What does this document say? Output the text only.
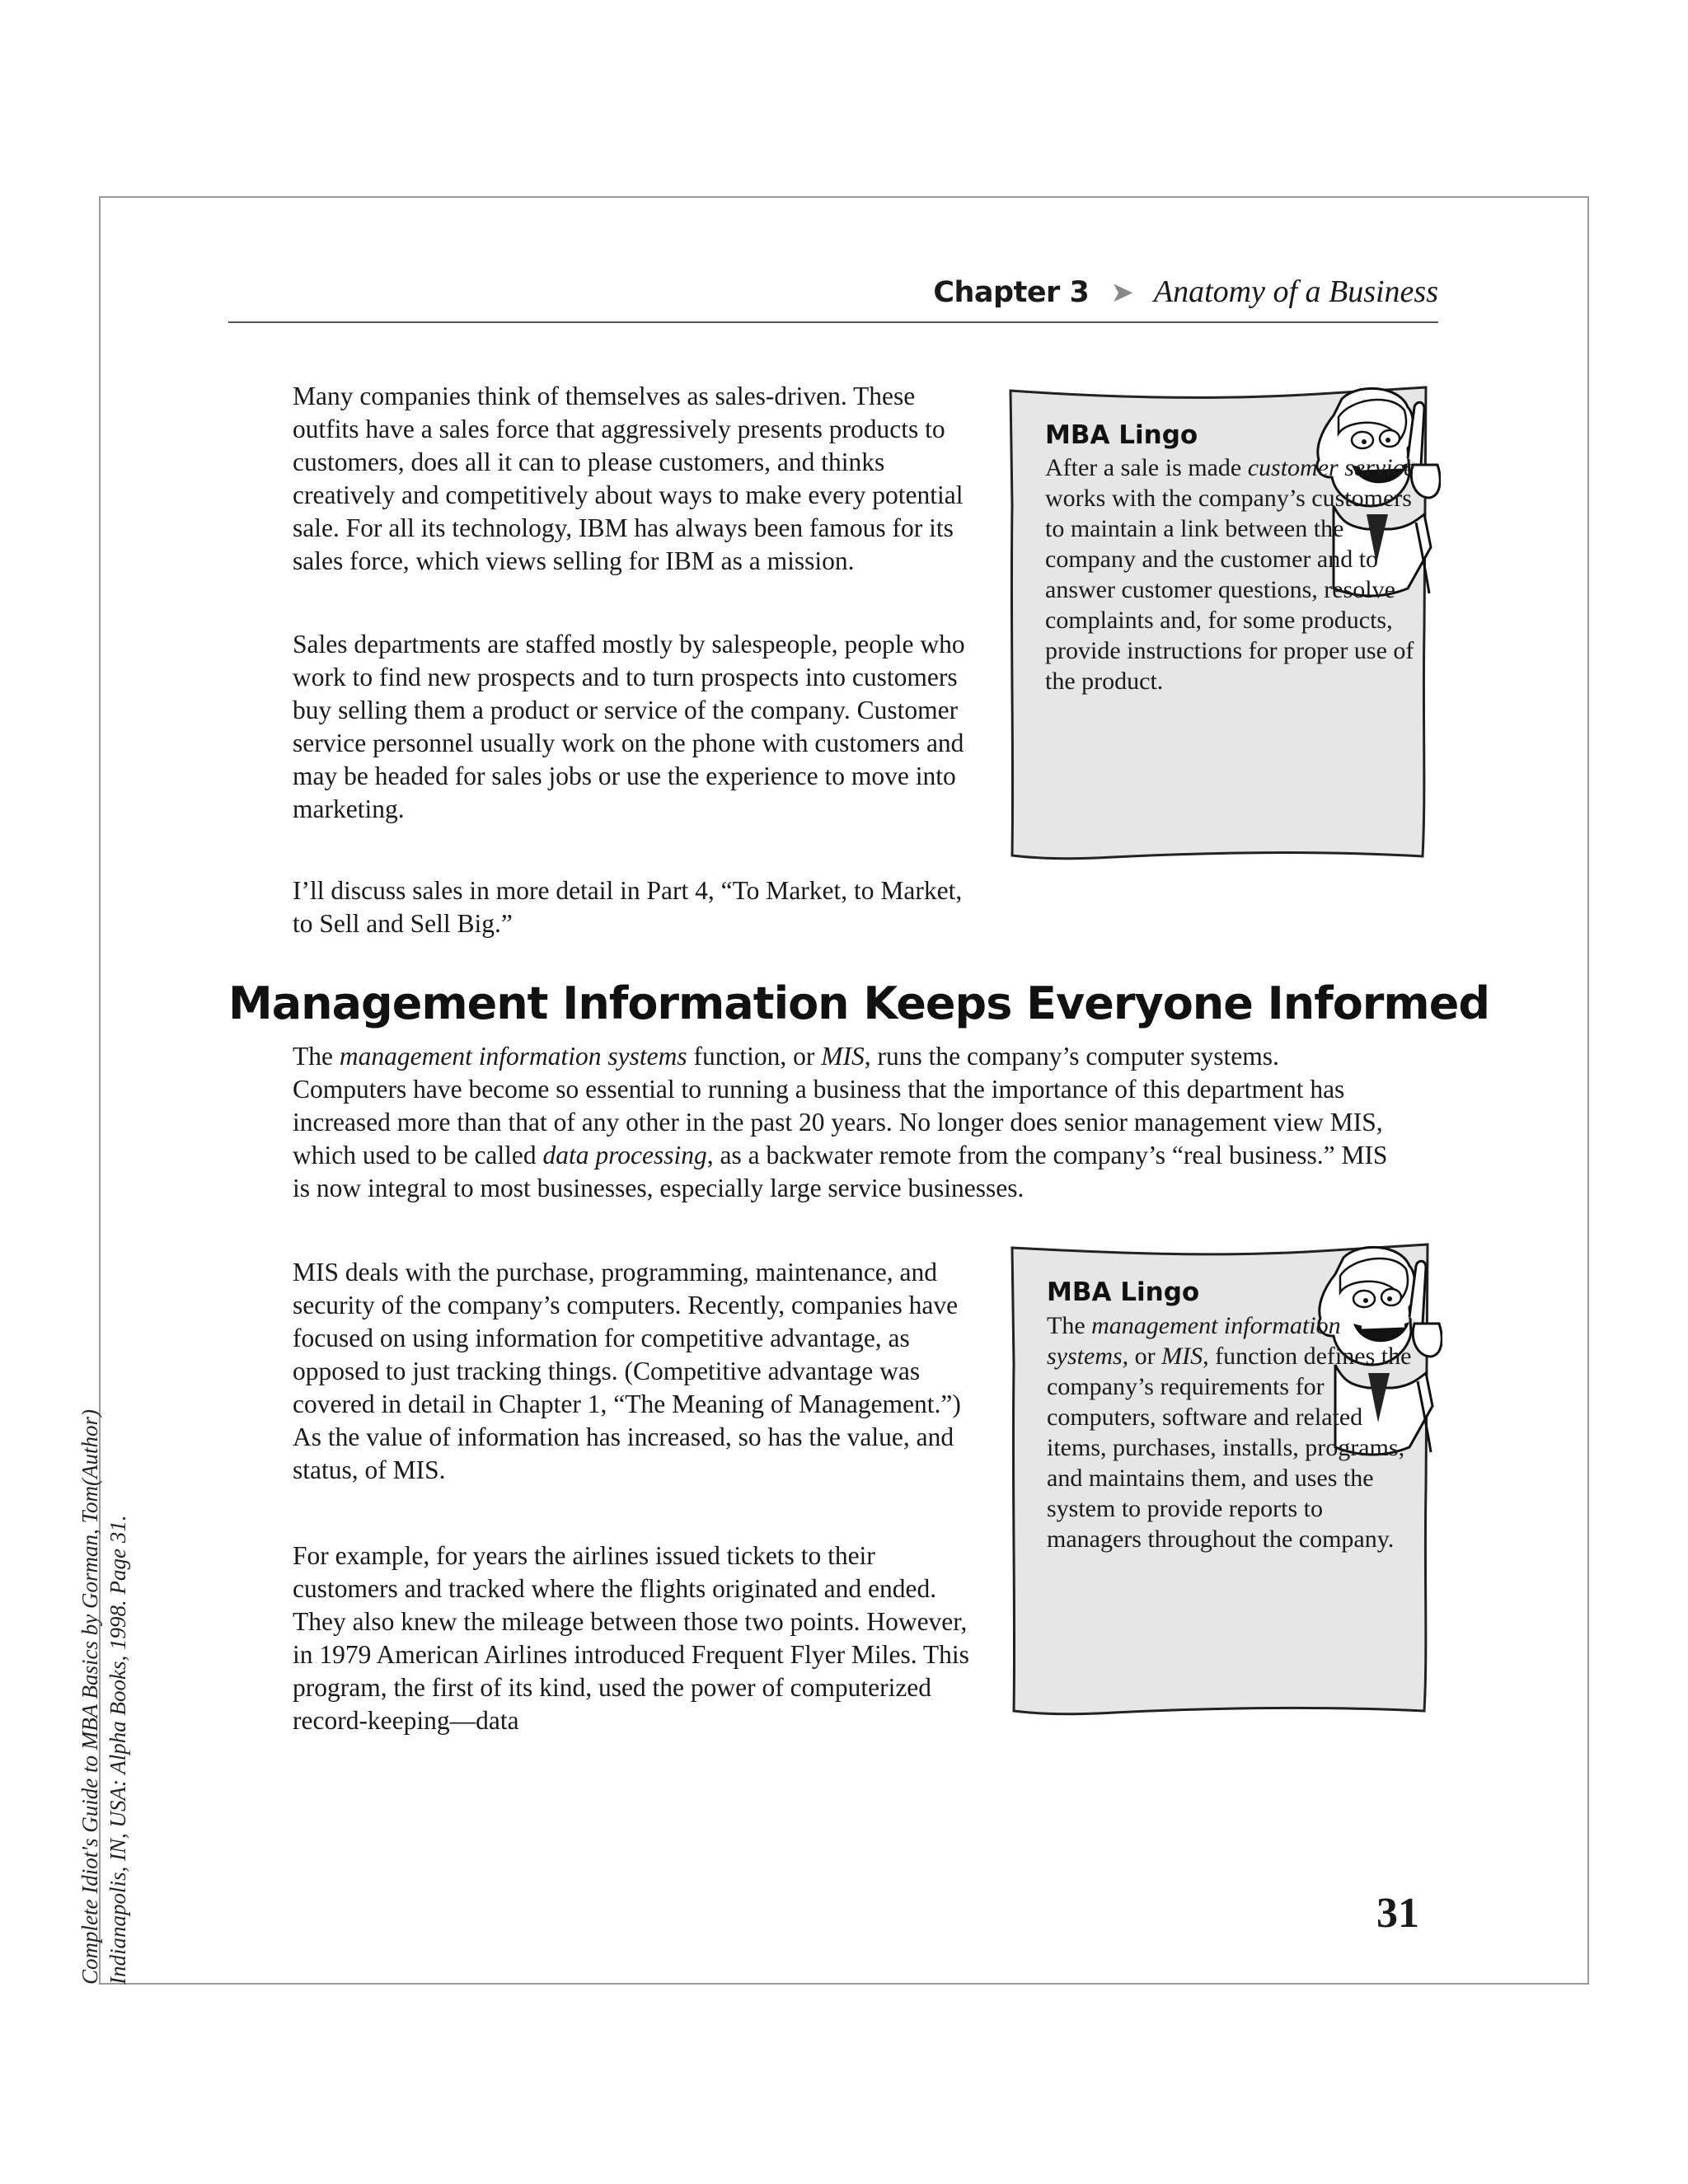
Chapter 3 ➤ Anatomy of a Business

Many companies think of themselves as sales-driven. These outfits have a sales force that aggressively presents products to customers, does all it can to please customers, and thinks creatively and competitively about ways to make every potential sale. For all its technology, IBM has always been famous for its sales force, which views selling for IBM as a mission.

Sales departments are staffed mostly by salespeople, people who work to find new prospects and to turn prospects into customers buy selling them a product or service of the company. Customer service personnel usually work on the phone with customers and may be headed for sales jobs or use the experience to move into marketing.

I’ll discuss sales in more detail in Part 4, “To Market, to Market, to Sell and Sell Big.”

Management Information Keeps Everyone Informed

The management information systems function, or MIS, runs the company’s computer systems. Computers have become so essential to running a business that the importance of this department has increased more than that of any other in the past 20 years. No longer does senior management view MIS, which used to be called data processing, as a backwater remote from the company’s “real business.” MIS is now integral to most businesses, especially large service businesses.

MIS deals with the purchase, programming, maintenance, and security of the company’s computers. Recently, companies have focused on using information for competitive advantage, as opposed to just tracking things. (Competitive advantage was covered in detail in Chapter 1, “The Meaning of Management.”) As the value of information has increased, so has the value, and status, of MIS.

For example, for years the airlines issued tickets to their customers and tracked where the flights originated and ended. They also knew the mileage between those two points. However, in 1979 American Airlines introduced Frequent Flyer Miles. This program, the first of its kind, used the power of computerized record-keeping—data

MBA Lingo
After a sale is made customer service works with the company’s customers to maintain a link between the company and the customer and to answer customer questions, resolve complaints and, for some products, provide instructions for proper use of the product.
MBA Lingo
The management information systems, or MIS, function defines the company’s requirements for computers, software and related items, purchases, installs, programs, and maintains them, and uses the system to provide reports to managers throughout the company.
31
Complete Idiot's Guide to MBA Basics by Gorman, Tom(Author) Indianapolis, IN, USA: Alpha Books, 1998. Page 31.
